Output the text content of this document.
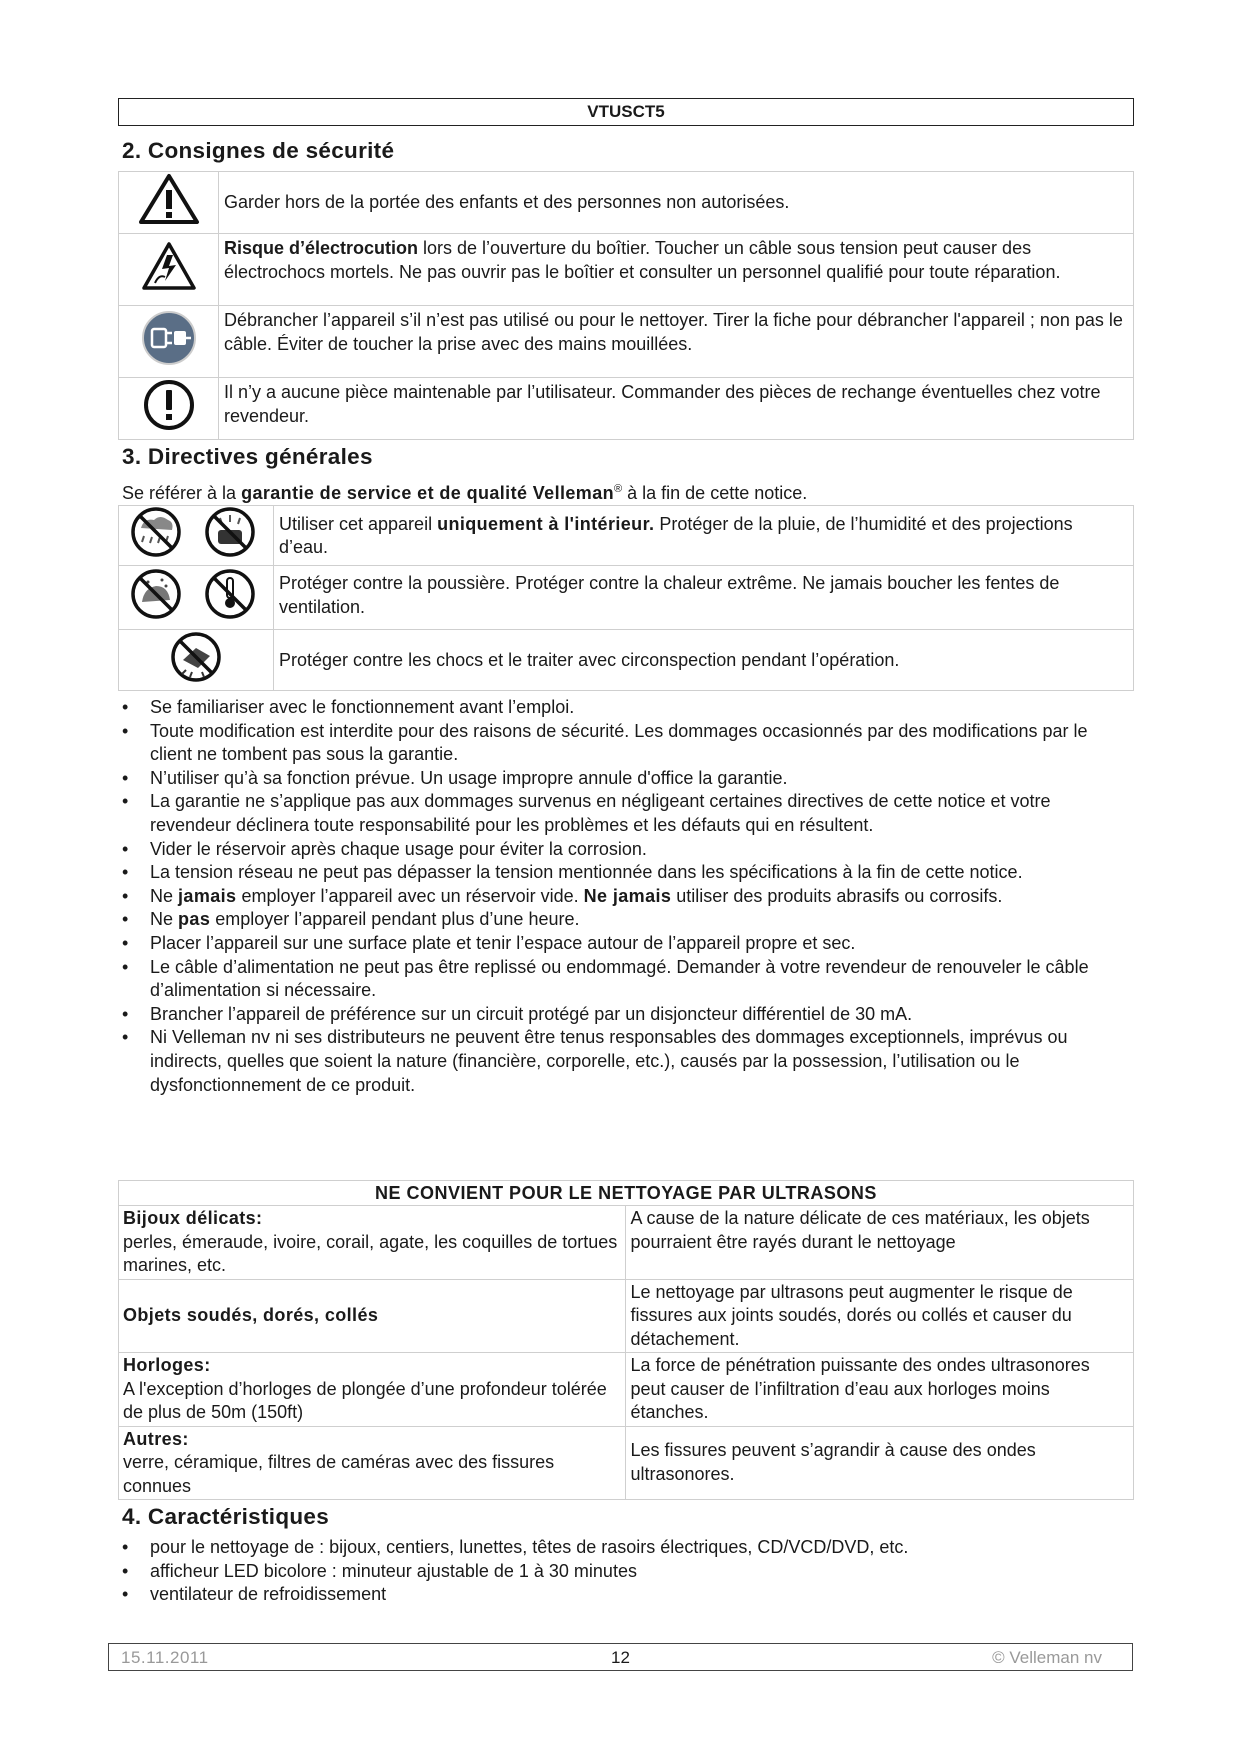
VTUSCT5
2. Consignes de sécurité
	Garder hors de la portée des enfants et des personnes non autorisées.
	Risque d’électrocution lors de l’ouverture du boîtier. Toucher un câble sous tension peut causer des électrochocs mortels. Ne pas ouvrir pas le boîtier et consulter un personnel qualifié pour toute réparation.
	Débrancher l’appareil s’il n’est pas utilisé ou pour le nettoyer. Tirer la fiche pour débrancher l'appareil ; non pas le câble. Éviter de toucher la prise avec des mains mouillées.
	Il n’y a aucune pièce maintenable par l’utilisateur. Commander des pièces de rechange éventuelles chez votre revendeur.
3. Directives générales
Se référer à la garantie de service et de qualité Velleman® à la fin de cette notice.
	Utiliser cet appareil uniquement à l'intérieur. Protéger de la pluie, de l’humidité et des projections d’eau.
	Protéger contre la poussière. Protéger contre la chaleur extrême. Ne jamais boucher les fentes de ventilation.
	Protéger contre les chocs et le traiter avec circonspection pendant l’opération.
• Se familiariser avec le fonctionnement avant l’emploi.
• Toute modification est interdite pour des raisons de sécurité. Les dommages occasionnés par des modifications par le client ne tombent pas sous la garantie.
• N’utiliser qu’à sa fonction prévue. Un usage impropre annule d'office la garantie.
• La garantie ne s’applique pas aux dommages survenus en négligeant certaines directives de cette notice et votre revendeur déclinera toute responsabilité pour les problèmes et les défauts qui en résultent.
• Vider le réservoir après chaque usage pour éviter la corrosion.
• La tension réseau ne peut pas dépasser la tension mentionnée dans les spécifications à la fin de cette notice.
• Ne jamais employer l’appareil avec un réservoir vide. Ne jamais utiliser des produits abrasifs ou corrosifs.
• Ne pas employer l’appareil pendant plus d’une heure.
• Placer l’appareil sur une surface plate et tenir l’espace autour de l’appareil propre et sec.
• Le câble d’alimentation ne peut pas être replissé ou endommagé. Demander à votre revendeur de renouveler le câble d’alimentation si nécessaire.
• Brancher l’appareil de préférence sur un circuit protégé par un disjoncteur différentiel de 30 mA.
• Ni Velleman nv ni ses distributeurs ne peuvent être tenus responsables des dommages exceptionnels, imprévus ou indirects, quelles que soient la nature (financière, corporelle, etc.), causés par la possession, l’utilisation ou le dysfonctionnement de ce produit.
NE CONVIENT POUR LE NETTOYAGE PAR ULTRASONS	

Bijoux délicats:
perles, émeraude, ivoire, corail, agate, les coquilles de tortues marines, etc.	A cause de la nature délicate de ces matériaux, les objets pourraient être rayés durant le nettoyage

Objets soudés, dorés, collés	Le nettoyage par ultrasons peut augmenter le risque de fissures aux joints soudés, dorés ou collés et causer du détachement.

Horloges:
A l'exception d’horloges de plongée d’une profondeur tolérée de plus de 50m (150ft)	La force de pénétration puissante des ondes ultrasonores peut causer de l’infiltration d’eau aux horloges moins étanches.

Autres:
verre, céramique, filtres de caméras avec des fissures connues	Les fissures peuvent s’agrandir à cause des ondes ultrasonores.
4. Caractéristiques
• pour le nettoyage de : bijoux, centiers, lunettes, têtes de rasoirs électriques, CD/VCD/DVD, etc.
• afficheur LED bicolore : minuteur ajustable de 1 à 30 minutes
• ventilateur de refroidissement
15.11.2011	12	© Velleman nv
